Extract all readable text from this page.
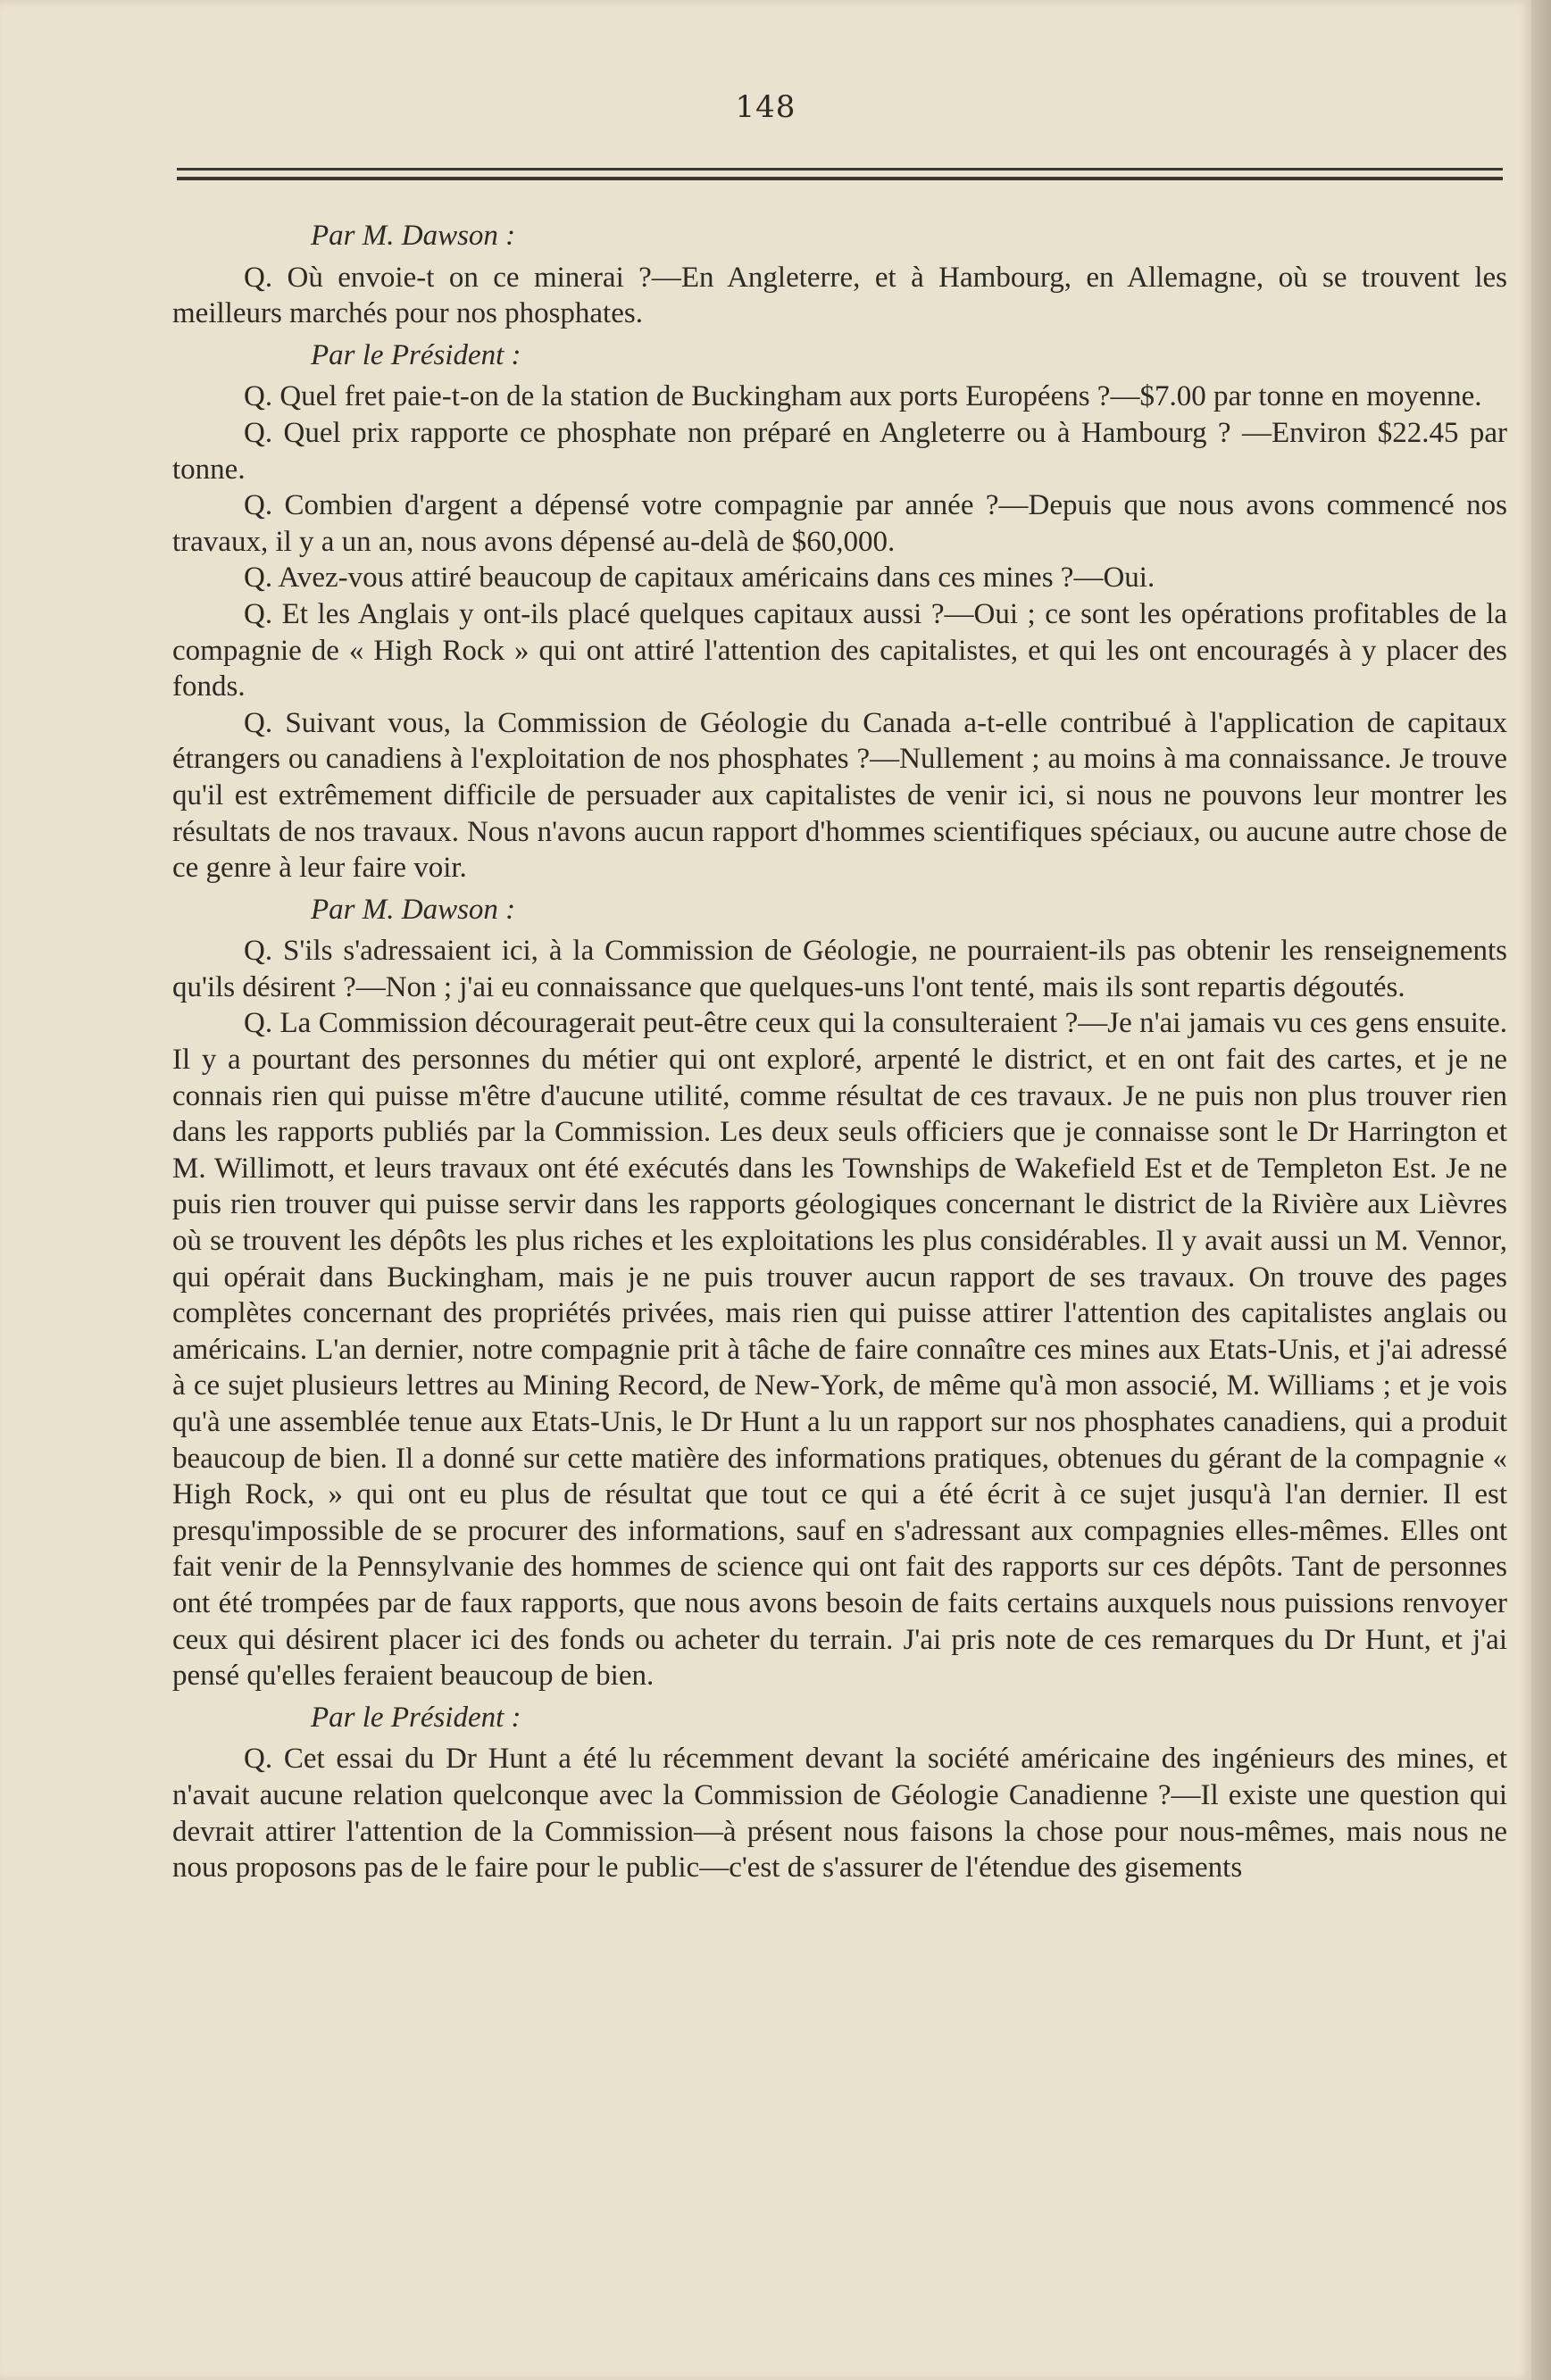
148
Par M. Dawson :

Q. Où envoie-t on ce minerai ?—En Angleterre, et à Hambourg, en Allemagne, où se trouvent les meilleurs marchés pour nos phosphates.

Par le Président :

Q. Quel fret paie-t-on de la station de Buckingham aux ports Européens ?—$7.00 par tonne en moyenne.

Q. Quel prix rapporte ce phosphate non préparé en Angleterre ou à Hambourg ? —Environ $22.45 par tonne.

Q. Combien d'argent a dépensé votre compagnie par année ?—Depuis que nous avons commencé nos travaux, il y a un an, nous avons dépensé au-delà de $60,000.

Q. Avez-vous attiré beaucoup de capitaux américains dans ces mines ?—Oui.

Q. Et les Anglais y ont-ils placé quelques capitaux aussi ?—Oui ; ce sont les opérations profitables de la compagnie de « High Rock » qui ont attiré l'attention des capitalistes, et qui les ont encouragés à y placer des fonds.

Q. Suivant vous, la Commission de Géologie du Canada a-t-elle contribué à l'application de capitaux étrangers ou canadiens à l'exploitation de nos phosphates ?—Nullement ; au moins à ma connaissance. Je trouve qu'il est extrêmement difficile de persuader aux capitalistes de venir ici, si nous ne pouvons leur montrer les résultats de nos travaux. Nous n'avons aucun rapport d'hommes scientifiques spéciaux, ou aucune autre chose de ce genre à leur faire voir.

Par M. Dawson :

Q. S'ils s'adressaient ici, à la Commission de Géologie, ne pourraient-ils pas obtenir les renseignements qu'ils désirent ?—Non ; j'ai eu connaissance que quelques-uns l'ont tenté, mais ils sont repartis dégoutés.

Q. La Commission découragerait peut-être ceux qui la consulteraient ?—Je n'ai jamais vu ces gens ensuite. Il y a pourtant des personnes du métier qui ont exploré, arpenté le district, et en ont fait des cartes, et je ne connais rien qui puisse m'être d'aucune utilité, comme résultat de ces travaux. Je ne puis non plus trouver rien dans les rapports publiés par la Commission. Les deux seuls officiers que je connaisse sont le Dr Harrington et M. Willimott, et leurs travaux ont été exécutés dans les Townships de Wakefield Est et de Templeton Est. Je ne puis rien trouver qui puisse servir dans les rapports géologiques concernant le district de la Rivière aux Lièvres où se trouvent les dépôts les plus riches et les exploitations les plus considérables. Il y avait aussi un M. Vennor, qui opérait dans Buckingham, mais je ne puis trouver aucun rapport de ses travaux. On trouve des pages complètes concernant des propriétés privées, mais rien qui puisse attirer l'attention des capitalistes anglais ou américains. L'an dernier, notre compagnie prit à tâche de faire connaître ces mines aux Etats-Unis, et j'ai adressé à ce sujet plusieurs lettres au Mining Record, de New-York, de même qu'à mon associé, M. Williams ; et je vois qu'à une assemblée tenue aux Etats-Unis, le Dr Hunt a lu un rapport sur nos phosphates canadiens, qui a produit beaucoup de bien. Il a donné sur cette matière des informations pratiques, obtenues du gérant de la compagnie « High Rock, » qui ont eu plus de résultat que tout ce qui a été écrit à ce sujet jusqu'à l'an dernier. Il est presqu'impossible de se procurer des informations, sauf en s'adressant aux compagnies elles-mêmes. Elles ont fait venir de la Pennsylvanie des hommes de science qui ont fait des rapports sur ces dépôts. Tant de personnes ont été trompées par de faux rapports, que nous avons besoin de faits certains auxquels nous puissions renvoyer ceux qui désirent placer ici des fonds ou acheter du terrain. J'ai pris note de ces remarques du Dr Hunt, et j'ai pensé qu'elles feraient beaucoup de bien.

Par le Président :

Q. Cet essai du Dr Hunt a été lu récemment devant la société américaine des ingénieurs des mines, et n'avait aucune relation quelconque avec la Commission de Géologie Canadienne ?—Il existe une question qui devrait attirer l'attention de la Commission—à présent nous faisons la chose pour nous-mêmes, mais nous ne nous proposons pas de le faire pour le public—c'est de s'assurer de l'étendue des gisements
